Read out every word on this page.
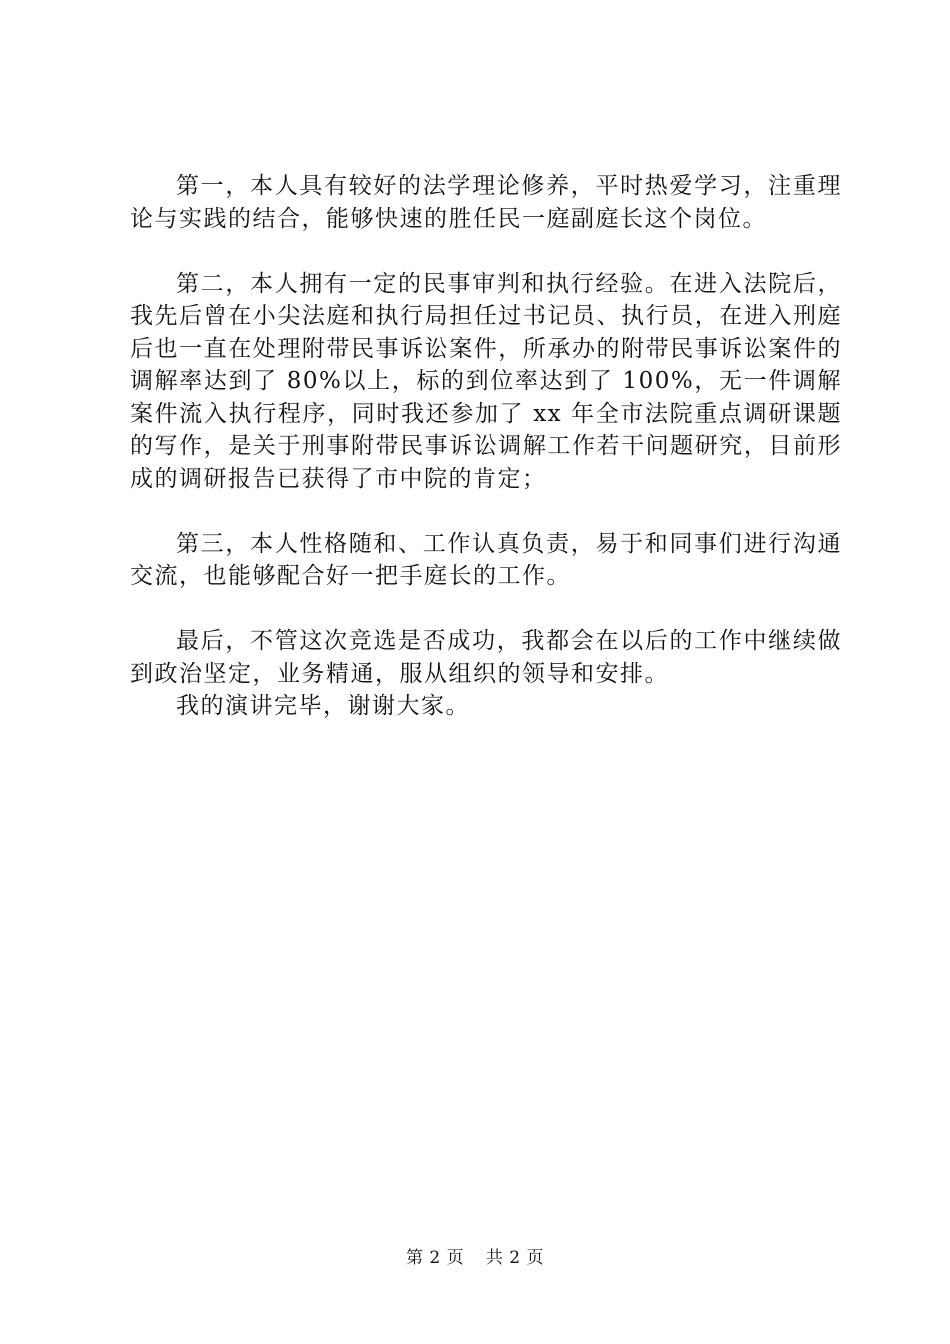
第一，本人具有较好的法学理论修养，平时热爱学习，注重理论与实践的结合，能够快速的胜任民一庭副庭长这个岗位。

第二，本人拥有一定的民事审判和执行经验。在进入法院后，我先后曾在小尖法庭和执行局担任过书记员、执行员，在进入刑庭后也一直在处理附带民事诉讼案件，所承办的附带民事诉讼案件的调解率达到了 80%以上，标的到位率达到了 100%，无一件调解案件流入执行程序，同时我还参加了 xx 年全市法院重点调研课题的写作，是关于刑事附带民事诉讼调解工作若干问题研究，目前形成的调研报告已获得了市中院的肯定；

第三，本人性格随和、工作认真负责，易于和同事们进行沟通交流，也能够配合好一把手庭长的工作。

最后，不管这次竞选是否成功，我都会在以后的工作中继续做到政治坚定，业务精通，服从组织的领导和安排。

我的演讲完毕，谢谢大家。

第 2 页 共 2 页
